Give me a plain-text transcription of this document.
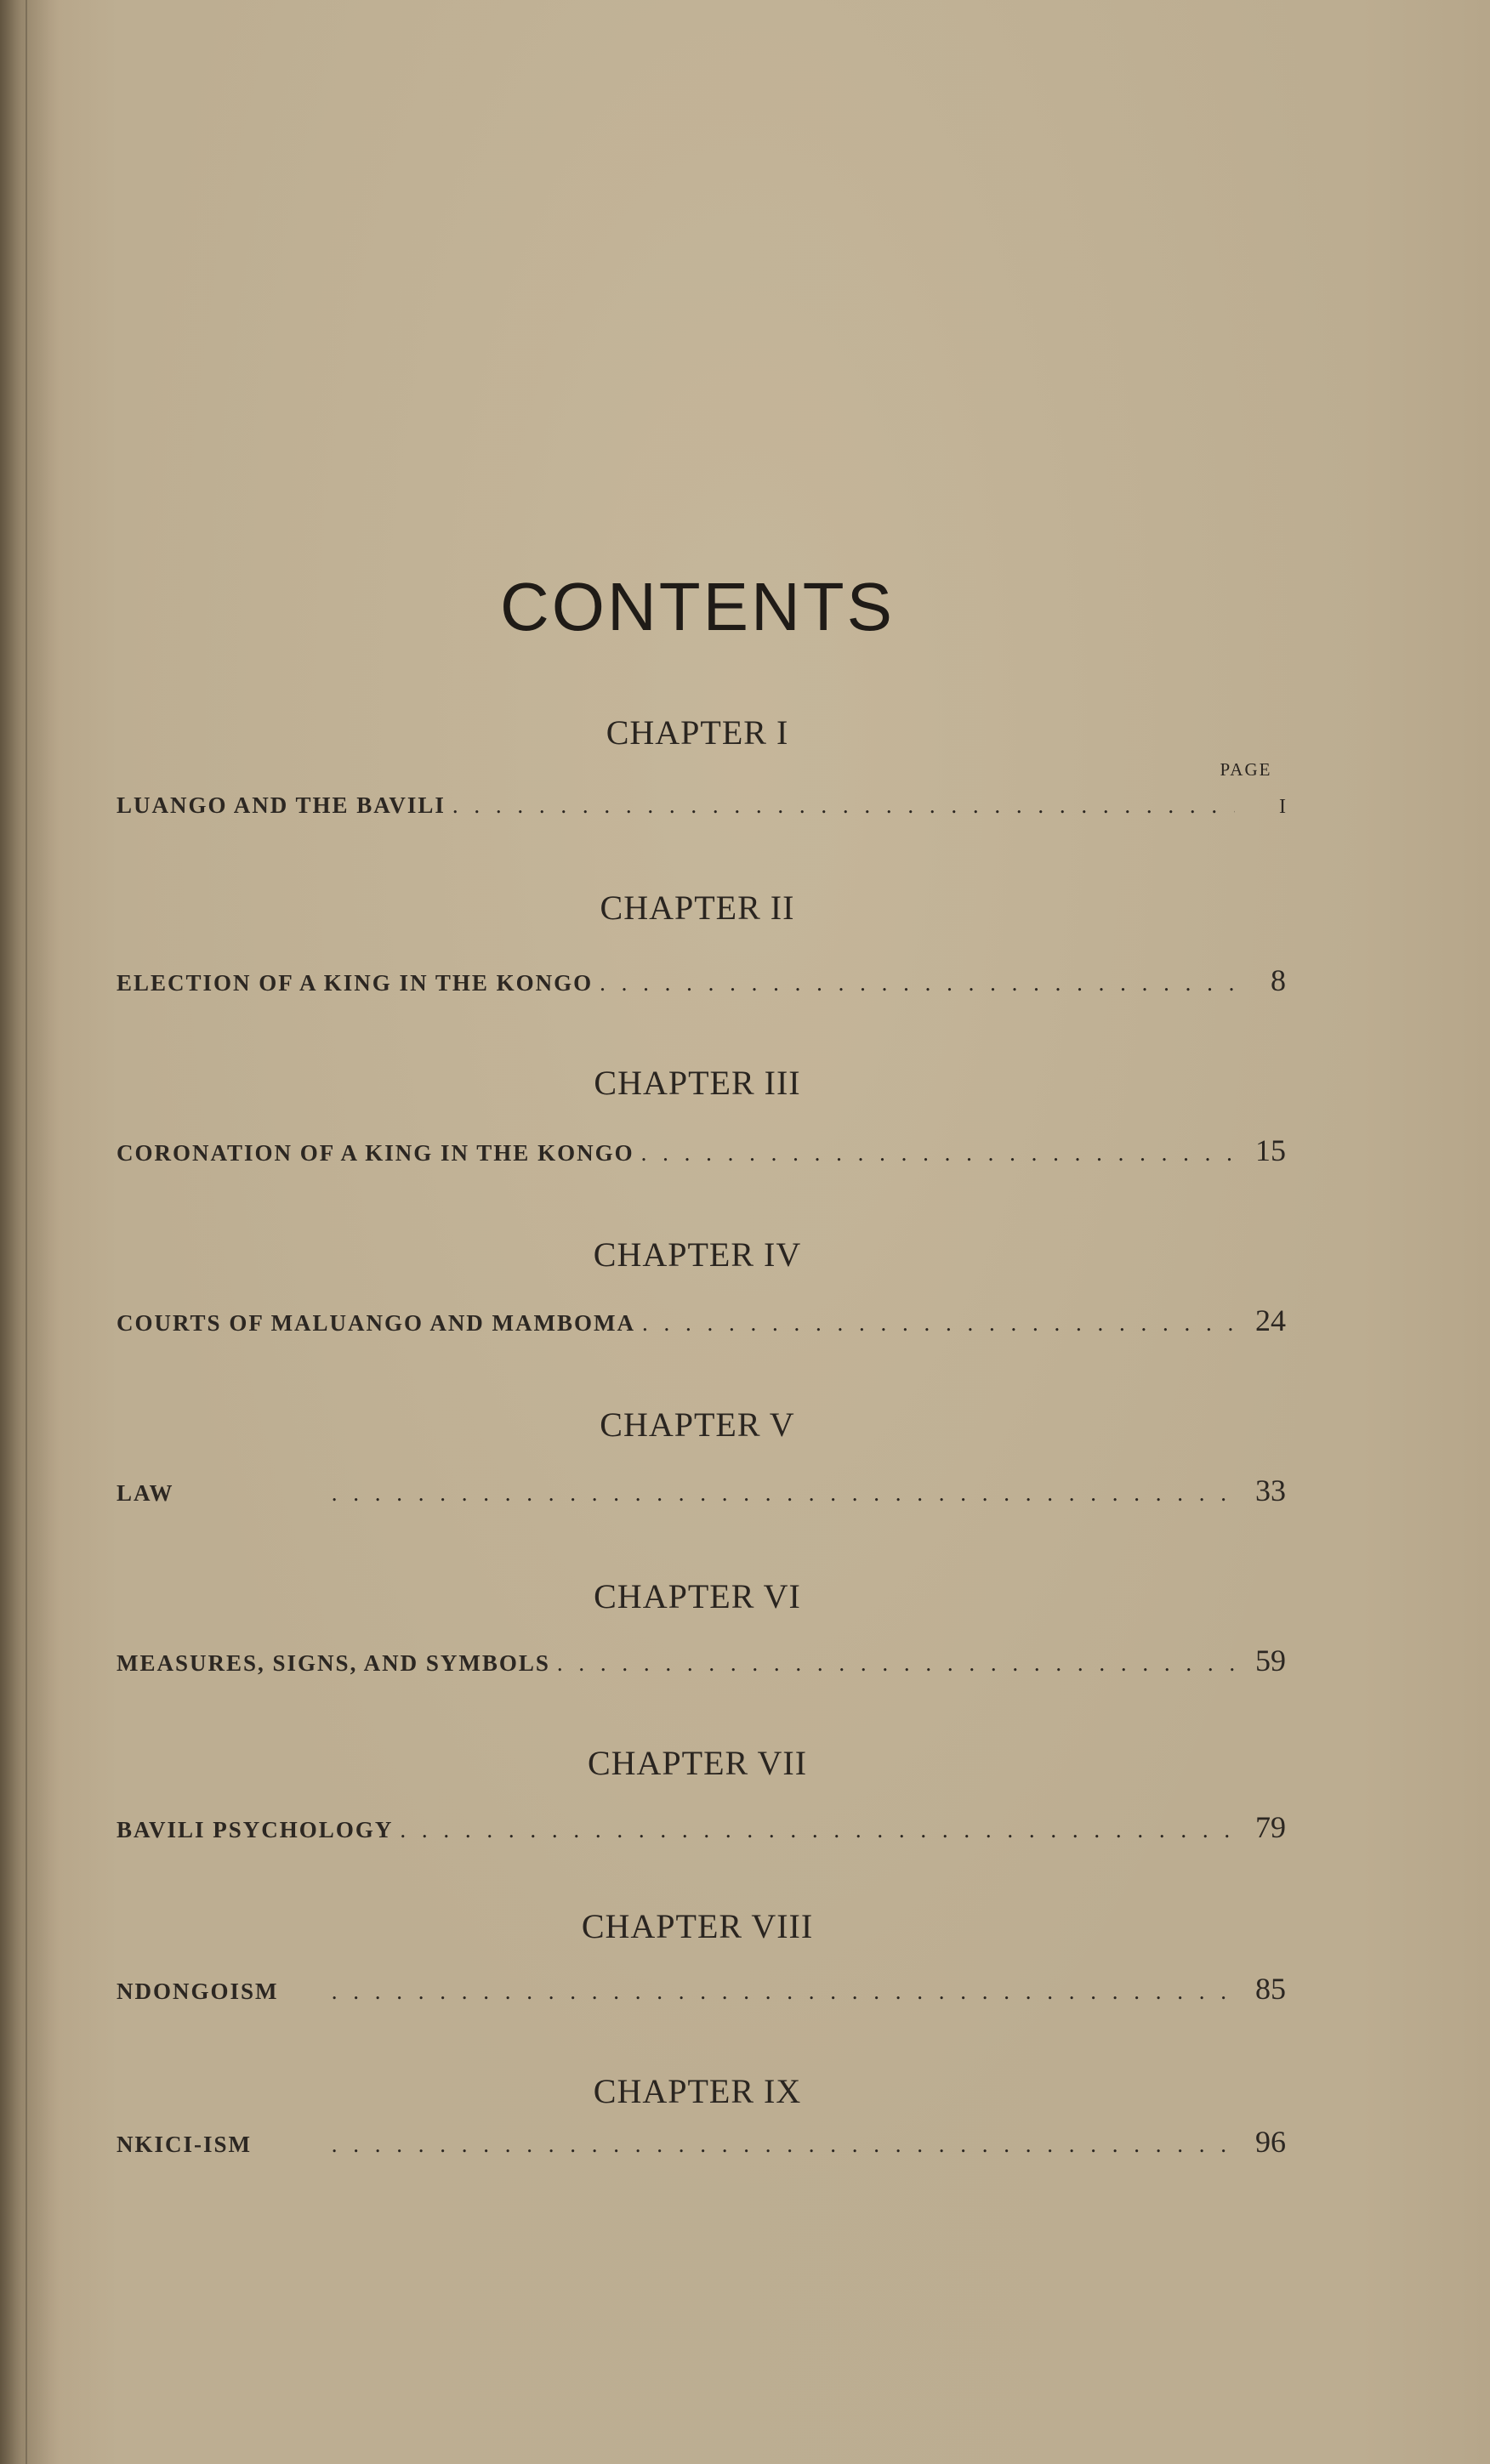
CONTENTS
PAGE
CHAPTER I
LUANGO AND THE BAVILI . . .	I
CHAPTER II
ELECTION OF A KING IN THE KONGO . . .	8
CHAPTER III
CORONATION OF A KING IN THE KONGO . . .	15
CHAPTER IV
COURTS OF MALUANGO AND MAMBOMA . . .	24
CHAPTER V
LAW . . .	33
CHAPTER VI
MEASURES, SIGNS, AND SYMBOLS . . .	59
CHAPTER VII
BAVILI PSYCHOLOGY . . .	79
CHAPTER VIII
NDONGOISM . . .	85
CHAPTER IX
NKICI-ISM . . .	96
